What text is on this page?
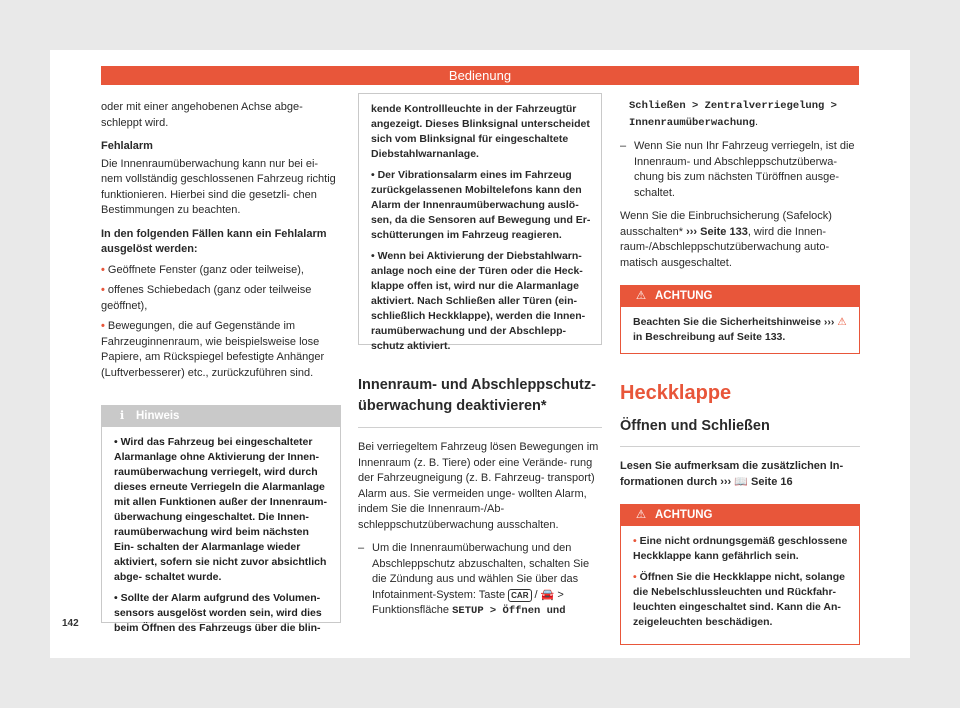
Bedienung

oder mit einer angehobenen Achse abge- schleppt wird.

Fehlalarm

Die Innenraumüberwachung kann nur bei ei- nem vollständig geschlossenen Fahrzeug richtig funktionieren. Hierbei sind die gesetzli- chen Bestimmungen zu beachten.

In den folgenden Fällen kann ein Fehlalarm ausgelöst werden:

• Geöffnete Fenster (ganz oder teilweise),
• offenes Schiebedach (ganz oder teilweise geöffnet),
• Bewegungen, die auf Gegenstände im Fahrzeuginnenraum, wie beispielsweise lose Papiere, am Rückspiegel befestigte Anhänger (Luftverbesserer) etc., zurückzuführen sind.
ℹ Hinweis

• Wird das Fahrzeug bei eingeschalteter Alarmanlage ohne Aktivierung der Innen- raumüberwachung verriegelt, wird durch dieses erneute Verriegeln die Alarmanlage mit allen Funktionen außer der Innenraum- überwachung eingeschaltet. Die Innen- raumüberwachung wird beim nächsten Ein- schalten der Alarmanlage wieder aktiviert, sofern sie nicht zuvor absichtlich abge- schaltet wurde.

• Sollte der Alarm aufgrund des Volumen- sensors ausgelöst worden sein, wird dies beim Öffnen des Fahrzeugs über die blin-

kende Kontrollleuchte in der Fahrzeugtür angezeigt. Dieses Blinksignal unterscheidet sich vom Blinksignal für eingeschaltete Diebstahlwarnanlage.

• Der Vibrationsalarm eines im Fahrzeug zurückgelassenen Mobiltelefons kann den Alarm der Innenraumüberwachung auslö- sen, da die Sensoren auf Bewegung und Er- schütterungen im Fahrzeug reagieren.

• Wenn bei Aktivierung der Diebstahlwarn- anlage noch eine der Türen oder die Heck- klappe offen ist, wird nur die Alarmanlage aktiviert. Nach Schließen aller Türen (ein- schließlich Heckklappe), werden die Innen- raumüberwachung und der Abschlepp- schutz aktiviert.

Innenraum- und Abschleppschutz- überwachung deaktivieren*

Bei verriegeltem Fahrzeug lösen Bewegungen im Innenraum (z. B. Tiere) oder eine Verände- rung der Fahrzeugneigung (z. B. Fahrzeug- transport) Alarm aus. Sie vermeiden unge- wollten Alarm, indem Sie die Innenraum-/Ab- schleppschutzüberwachung ausschalten.

– Um die Innenraumüberwachung und den Abschleppschutz abzuschalten, schalten Sie die Zündung aus und wählen Sie über das Infotainment-System: Taste CAR / 🚘 > Funktionsfläche SETUP > Öffnen und

Schließen > Zentralverriegelung > Innenraumüberwachung.

– Wenn Sie nun Ihr Fahrzeug verriegeln, ist die Innenraum- und Abschleppschutzüberwa- chung bis zum nächsten Türöffnen ausge- schaltet.

Wenn Sie die Einbruchsicherung (Safelock) ausschalten* ››› Seite 133, wird die Innen- raum-/Abschleppschutzüberwachung auto- matisch ausgeschaltet.

⚠ ACHTUNG
Beachten Sie die Sicherheitshinweise ››› ⚠
in Beschreibung auf Seite 133.
Heckklappe
Öffnen und Schließen

Lesen Sie aufmerksam die zusätzlichen In- formationen durch ››› 📖 Seite 16

⚠ ACHTUNG

• Eine nicht ordnungsgemäß geschlossene Heckklappe kann gefährlich sein.

• Öffnen Sie die Heckklappe nicht, solange die Nebelschlussleuchten und Rückfahr- leuchten eingeschaltet sind. Kann die An- zeigeleuchten beschädigen.

142
